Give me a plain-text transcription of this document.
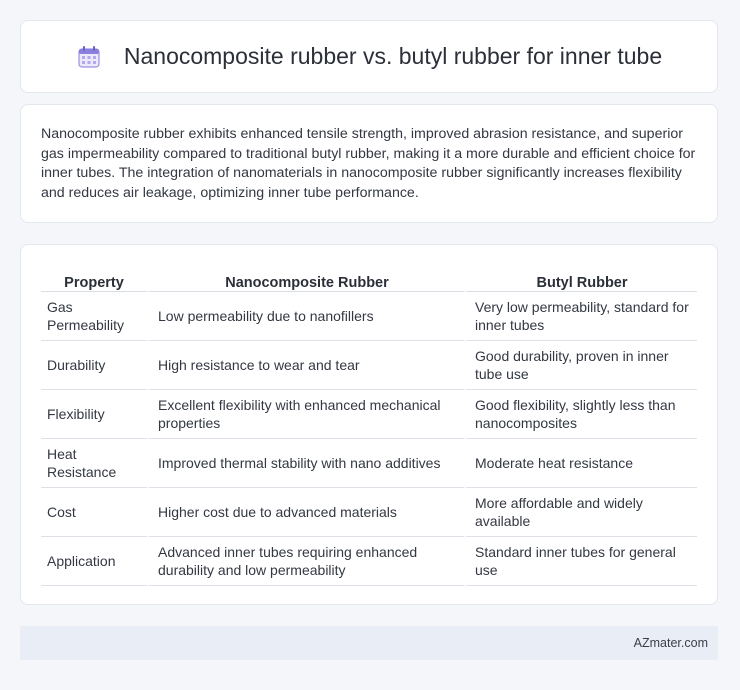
Nanocomposite rubber vs. butyl rubber for inner tube

Nanocomposite rubber exhibits enhanced tensile strength, improved abrasion resistance, and superior gas impermeability compared to traditional butyl rubber, making it a more durable and efficient choice for inner tubes. The integration of nanomaterials in nanocomposite rubber significantly increases flexibility and reduces air leakage, optimizing inner tube performance.

Property	Nanocomposite Rubber	Butyl Rubber
Gas Permeability	Low permeability due to nanofillers	Very low permeability, standard for inner tubes
Durability	High resistance to wear and tear	Good durability, proven in inner tube use
Flexibility	Excellent flexibility with enhanced mechanical properties	Good flexibility, slightly less than nanocomposites
Heat Resistance	Improved thermal stability with nano additives	Moderate heat resistance
Cost	Higher cost due to advanced materials	More affordable and widely available
Application	Advanced inner tubes requiring enhanced durability and low permeability	Standard inner tubes for general use
AZmater.com
